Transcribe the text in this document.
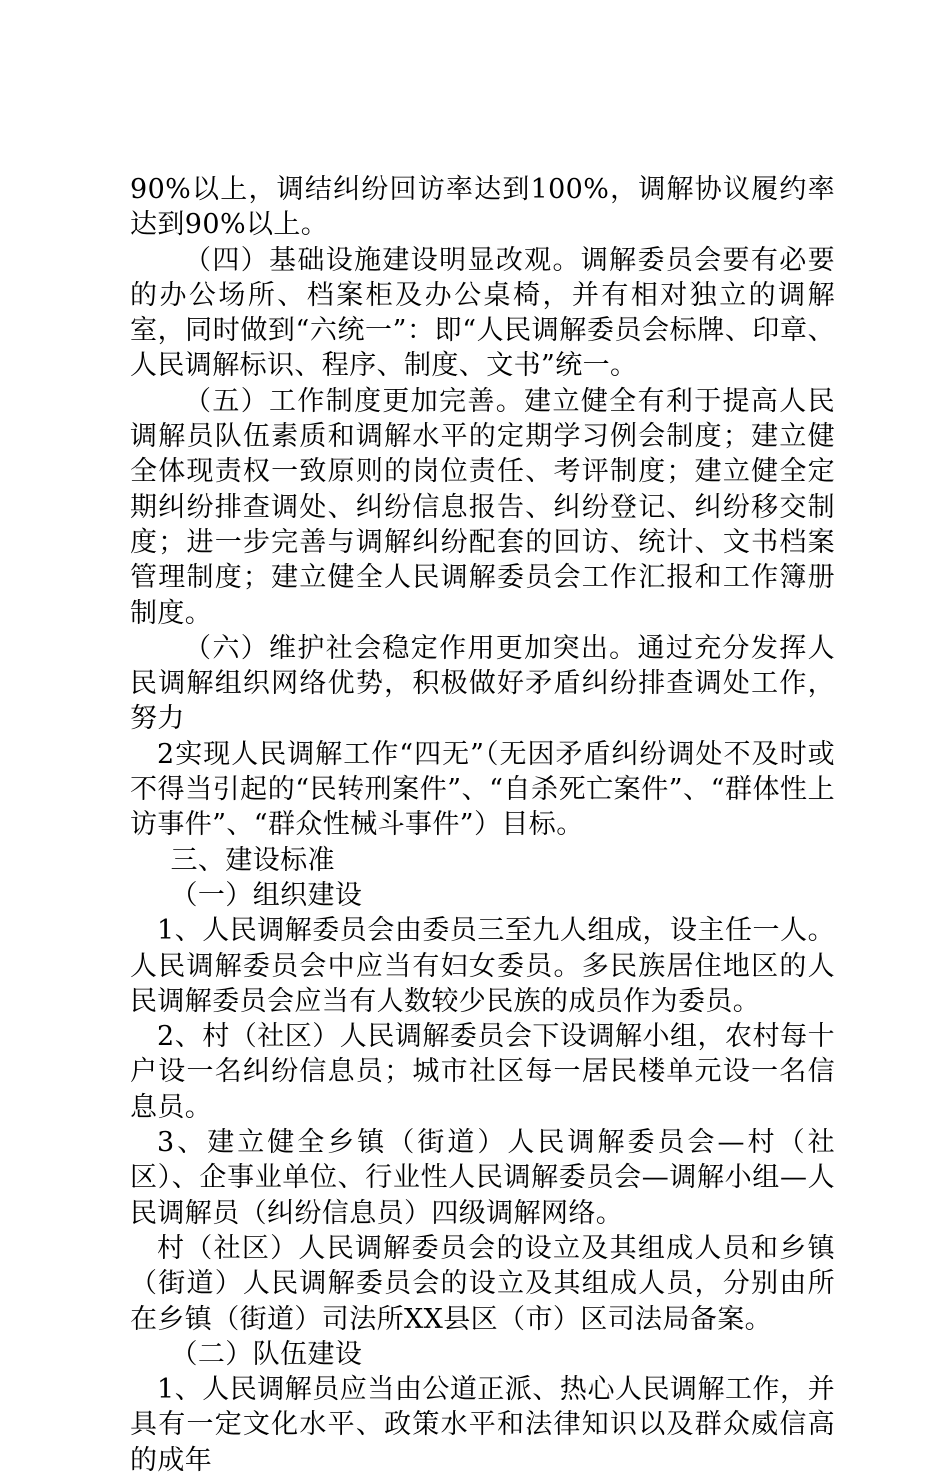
90%以上，调结纠纷回访率达到100%，调解协议履约率达到90%以上。

（四）基础设施建设明显改观。调解委员会要有必要的办公场所、档案柜及办公桌椅，并有相对独立的调解室，同时做到“六统一”：即“人民调解委员会标牌、印章、人民调解标识、程序、制度、文书”统一。

（五）工作制度更加完善。建立健全有利于提高人民调解员队伍素质和调解水平的定期学习例会制度；建立健全体现责权一致原则的岗位责任、考评制度；建立健全定期纠纷排查调处、纠纷信息报告、纠纷登记、纠纷移交制度；进一步完善与调解纠纷配套的回访、统计、文书档案管理制度；建立健全人民调解委员会工作汇报和工作簿册制度。

（六）维护社会稳定作用更加突出。通过充分发挥人民调解组织网络优势，积极做好矛盾纠纷排查调处工作，努力

2实现人民调解工作“四无”（无因矛盾纠纷调处不及时或不得当引起的“民转刑案件”、“自杀死亡案件”、“群体性上访事件”、“群众性械斗事件”）目标。

三、建设标准

（一）组织建设

1、人民调解委员会由委员三至九人组成，设主任一人。人民调解委员会中应当有妇女委员。多民族居住地区的人民调解委员会应当有人数较少民族的成员作为委员。

2、村（社区）人民调解委员会下设调解小组，农村每十户设一名纠纷信息员；城市社区每一居民楼单元设一名信息员。

3、建立健全乡镇（街道）人民调解委员会—村（社区）、企事业单位、行业性人民调解委员会—调解小组—人民调解员（纠纷信息员）四级调解网络。

村（社区）人民调解委员会的设立及其组成人员和乡镇（街道）人民调解委员会的设立及其组成人员，分别由所在乡镇（街道）司法所XX县区（市）区司法局备案。

（二）队伍建设

1、人民调解员应当由公道正派、热心人民调解工作，并具有一定文化水平、政策水平和法律知识以及群众威信高的成年
